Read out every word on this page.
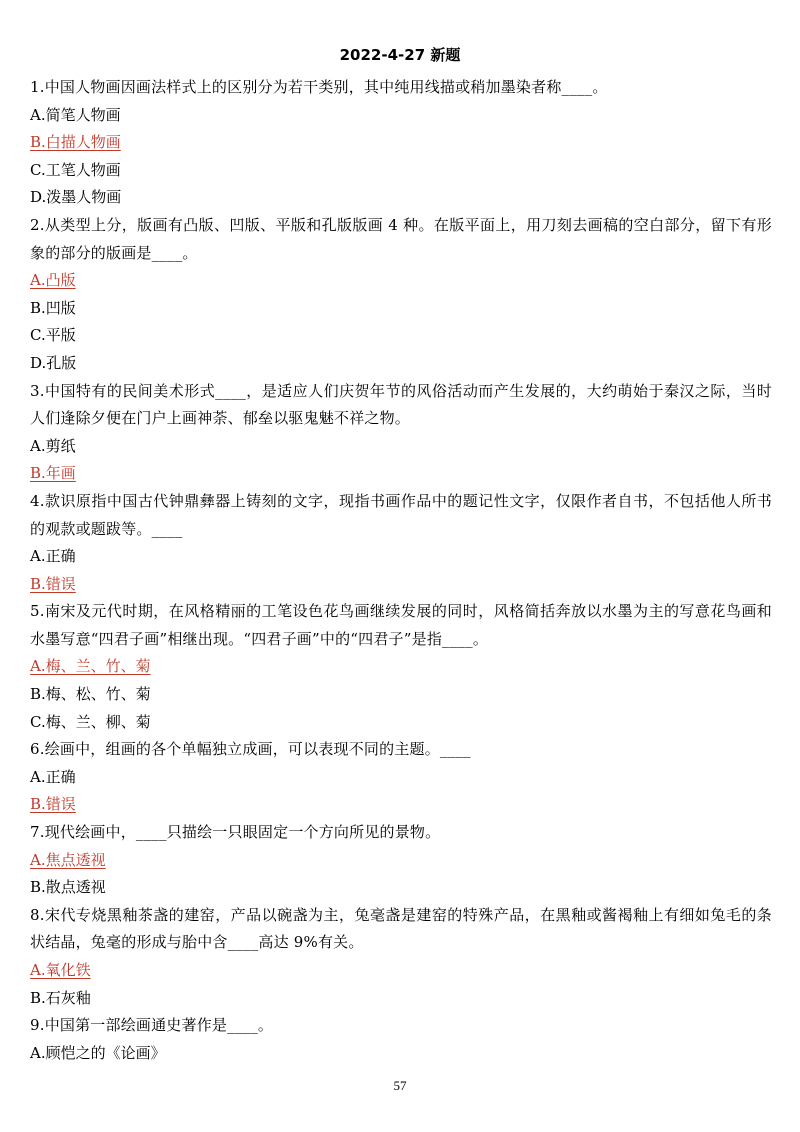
2022-4-27 新题

1.中国人物画因画法样式上的区别分为若干类别，其中纯用线描或稍加墨染者称____。

A.简笔人物画

B.白描人物画

C.工笔人物画

D.泼墨人物画

2.从类型上分，版画有凸版、凹版、平版和孔版版画 4 种。在版平面上，用刀刻去画稿的空白部分，留下有形象的部分的版画是____。

A.凸版

B.凹版

C.平版

D.孔版

3.中国特有的民间美术形式____，是适应人们庆贺年节的风俗活动而产生发展的，大约萌始于秦汉之际，当时人们逢除夕便在门户上画神荼、郁垒以驱鬼魅不祥之物。

A.剪纸

B.年画

4.款识原指中国古代钟鼎彝器上铸刻的文字，现指书画作品中的题记性文字，仅限作者自书，不包括他人所书的观款或题跋等。____

A.正确

B.错误

5.南宋及元代时期，在风格精丽的工笔设色花鸟画继续发展的同时，风格简括奔放以水墨为主的写意花鸟画和水墨写意“四君子画”相继出现。“四君子画”中的“四君子”是指____。

A.梅、兰、竹、菊

B.梅、松、竹、菊

C.梅、兰、柳、菊

6.绘画中，组画的各个单幅独立成画，可以表现不同的主题。____

A.正确

B.错误

7.现代绘画中，____只描绘一只眼固定一个方向所见的景物。

A.焦点透视

B.散点透视

8.宋代专烧黑釉茶盏的建窑，产品以碗盏为主，兔毫盏是建窑的特殊产品，在黑釉或酱褐釉上有细如兔毛的条状结晶，兔毫的形成与胎中含____高达 9%有关。

A.氧化铁

B.石灰釉

9.中国第一部绘画通史著作是____。

A.顾恺之的《论画》

57
